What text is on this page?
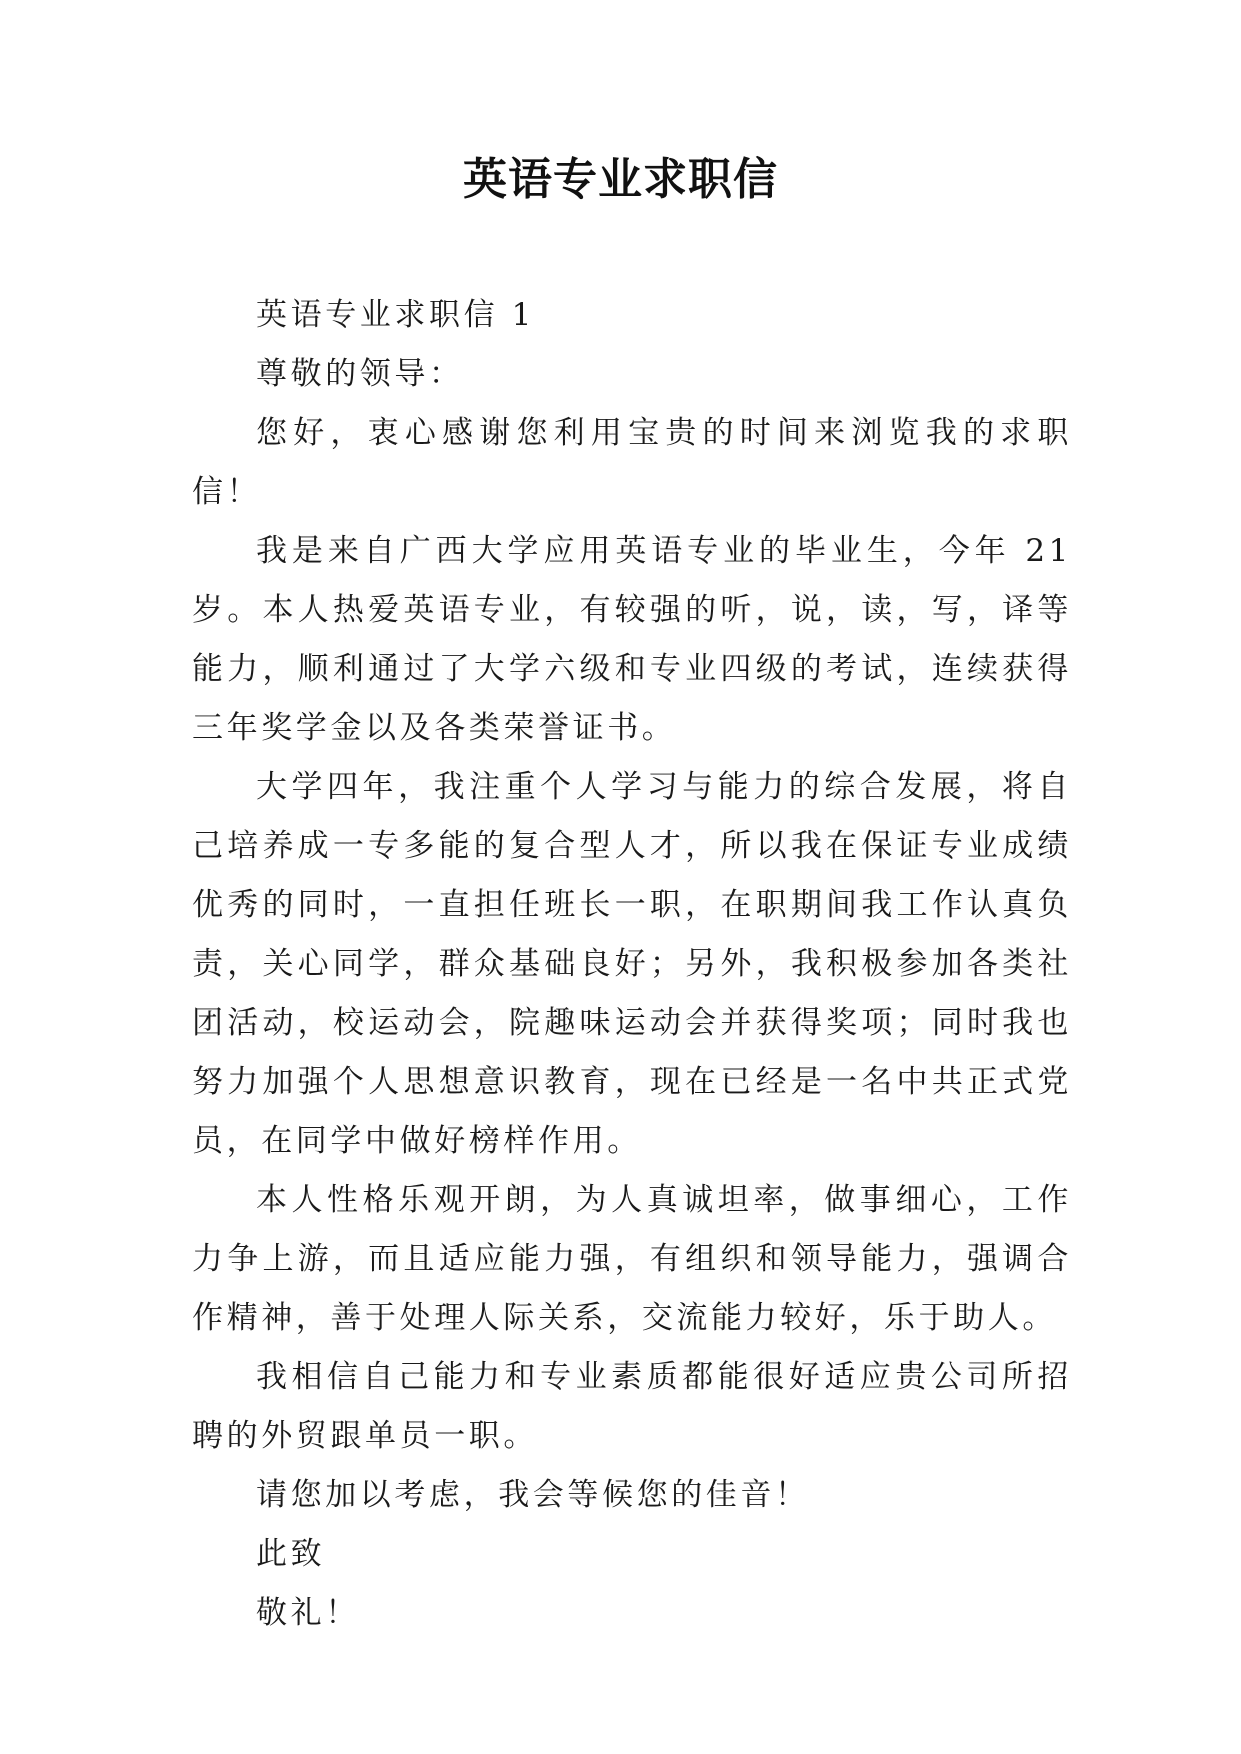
英语专业求职信

英语专业求职信 1

尊敬的领导：

您好，衷心感谢您利用宝贵的时间来浏览我的求职信！

我是来自广西大学应用英语专业的毕业生，今年 21 岁。本人热爱英语专业，有较强的听，说，读，写，译等能力，顺利通过了大学六级和专业四级的考试，连续获得三年奖学金以及各类荣誉证书。

大学四年，我注重个人学习与能力的综合发展，将自己培养成一专多能的复合型人才，所以我在保证专业成绩优秀的同时，一直担任班长一职，在职期间我工作认真负责，关心同学，群众基础良好；另外，我积极参加各类社团活动，校运动会，院趣味运动会并获得奖项；同时我也努力加强个人思想意识教育，现在已经是一名中共正式党员，在同学中做好榜样作用。

本人性格乐观开朗，为人真诚坦率，做事细心，工作力争上游，而且适应能力强，有组织和领导能力，强调合作精神，善于处理人际关系，交流能力较好，乐于助人。

我相信自己能力和专业素质都能很好适应贵公司所招聘的外贸跟单员一职。

请您加以考虑，我会等候您的佳音！

此致

敬礼！
